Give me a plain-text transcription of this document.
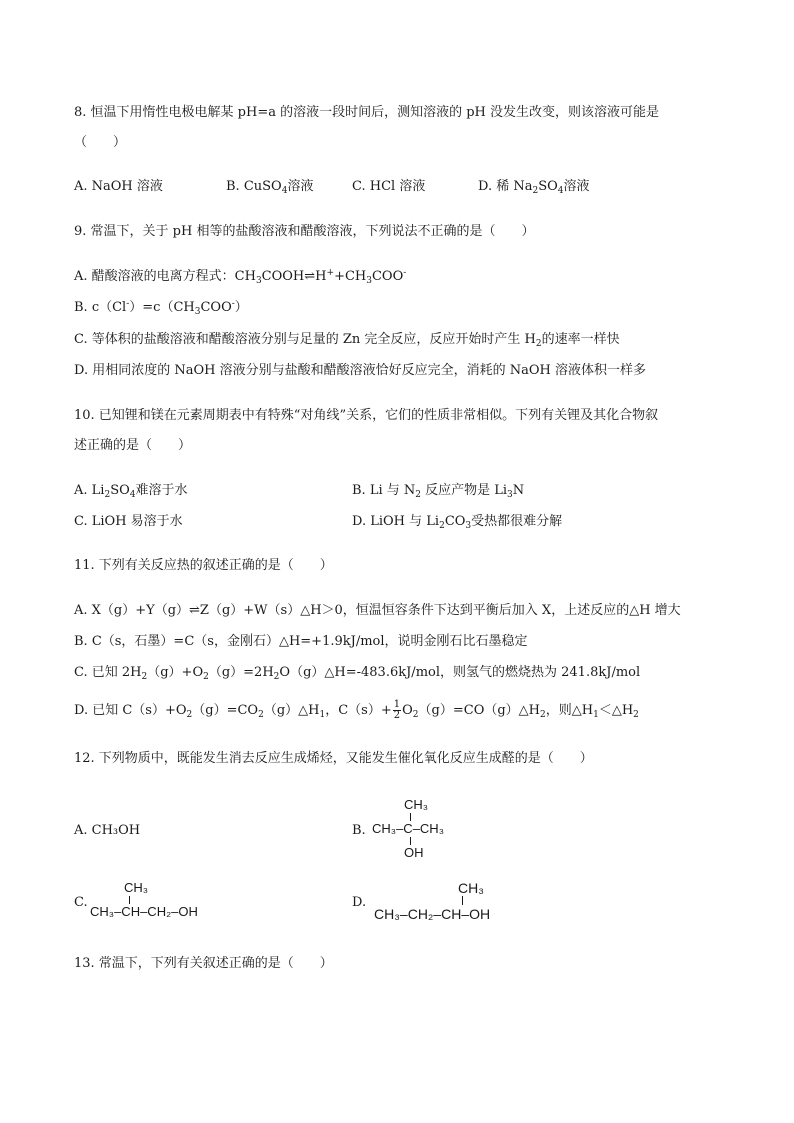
8. 恒温下用惰性电极电解某 pH=a 的溶液一段时间后，测知溶液的 pH 没发生改变，则该溶液可能是
（　　）
A. NaOH 溶液	B. CuSO$_4$溶液	C. HCl 溶液	D. 稀 $Na_2SO_4$溶液
9. 常温下，关于 pH 相等的盐酸溶液和醋酸溶液，下列说法不正确的是（　　）
A. 醋酸溶液的电离方程式：$CH_3COOH\rightleftharpoons H^++CH_3COO^-$
B. $c(Cl^-)=c(CH_3COO^-)$
C. 等体积的盐酸溶液和醋酸溶液分别与足量的 Zn 完全反应，反应开始时产生 $H_2$的速率一样快
D. 用相同浓度的 NaOH 溶液分别与盐酸和醋酸溶液恰好反应完全，消耗的 NaOH 溶液体积一样多
10. 已知锂和镁在元素周期表中有特殊“对角线”关系，它们的性质非常相似。下列有关锂及其化合物叙
述正确的是（　　）
A. $Li_2SO_4$难溶于水	B. Li 与 $N_2$ 反应产物是 $Li_3N$
C. LiOH 易溶于水	D. LiOH 与 $Li_2CO_3$受热都很难分解
11. 下列有关反应热的叙述正确的是（　　）
A. X（g）+Y（g）⇌Z（g）+W（s）△H＞0，恒温恒容条件下达到平衡后加入 X，上述反应的△H 增大
B. C（s，石墨）=C（s，金刚石）△H=+1.9kJ/mol，说明金刚石比石墨稳定
C. 已知 $2H_2(g)+O_2(g)=2H_2O(g)\triangle H=-483.6kJ$/mol，则氢气的燃烧热为 241.8kJ/mol
D. 已知 $C(s)+O_2(g)=CO_2(g)\triangle H_1$，$C(s)+ \frac{1}{2}$ $O_2(g)=CO(g)\triangle H_2$，则$\triangle H_1<\triangle H_2$
12. 下列物质中，既能发生消去反应生成烯烃，又能发生催化氧化反应生成醛的是（　　）
A. CH₃OH	B.
CH₃
CH₃–C–CH₃
OH
C.
CH₃
CH₃–CH–CH₂–OH
D.
CH₃
CH₃–CH₂–CH–OH
13. 常温下，下列有关叙述正确的是（　　）
